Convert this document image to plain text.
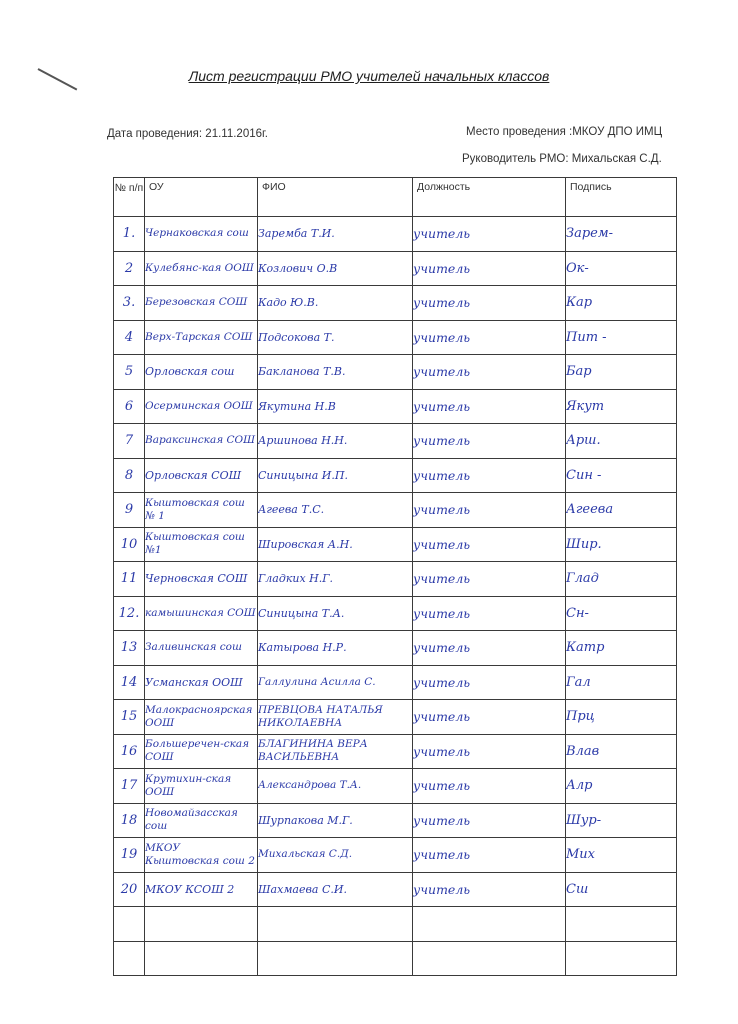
Лист регистрации РМО учителей начальных классов
Дата проведения: 21.11.2016г.	Место проведения :МКОУ ДПО ИМЦ
Руководитель РМО: Михальская С.Д.
№ п/п	ОУ	ФИО	Должность	Подпись

1.	Чернаковская сош	Заремба Т.И.	учитель	Зарем-

2	Кулебянс-кая ООШ	Козлович О.В	учитель	Ок-

3.	Березовская СОШ	Кадо Ю.В.	учитель	Кар

4	Верх-Тарская СОШ	Подсокова Т.	учитель	Пит -

5	Орловская сош	Бакланова Т.В.	учитель	Бар

6	Осерминская ООШ	Якутина Н.В	учитель	Якут

7	Вараксинская СОШ	Аршинова Н.Н.	учитель	Арш.

8	Орловская СОШ	Синицына И.П.	учитель	Син -

9	Кыштовская сош № 1	Агеева Т.С.	учитель	Агеева

10	Кыштовская сош №1	Шировская А.Н.	учитель	Шир.

11	Черновская СОШ	Гладких Н.Г.	учитель	Глад

12.	камышинская СОШ	Синицына Т.А.	учитель	Сн-

13	Заливинская сош	Катырова Н.Р.	учитель	Катр

14	Усманская ООШ	Галлулина Асилла С.	учитель	Гал

15	Малокрасноярская ООШ	ПРЕВЦОВА НАТАЛЬЯ НИКОЛАЕВНА	учитель	Прц

16	Большеречен-ская СОШ	БЛАГИНИНА ВЕРА ВАСИЛЬЕВНА	учитель	Влав

17	Крутихин-ская ООШ	Александрова Т.А.	учитель	Алр

18	Новомайзасская сош	Шурпакова М.Г.	учитель	Шур-

19	МКОУ Кыштовская сош 2	Михальская С.Д.	учитель	Мих

20	МКОУ КСОШ 2	Шахмаева С.И.	учитель	Сш
